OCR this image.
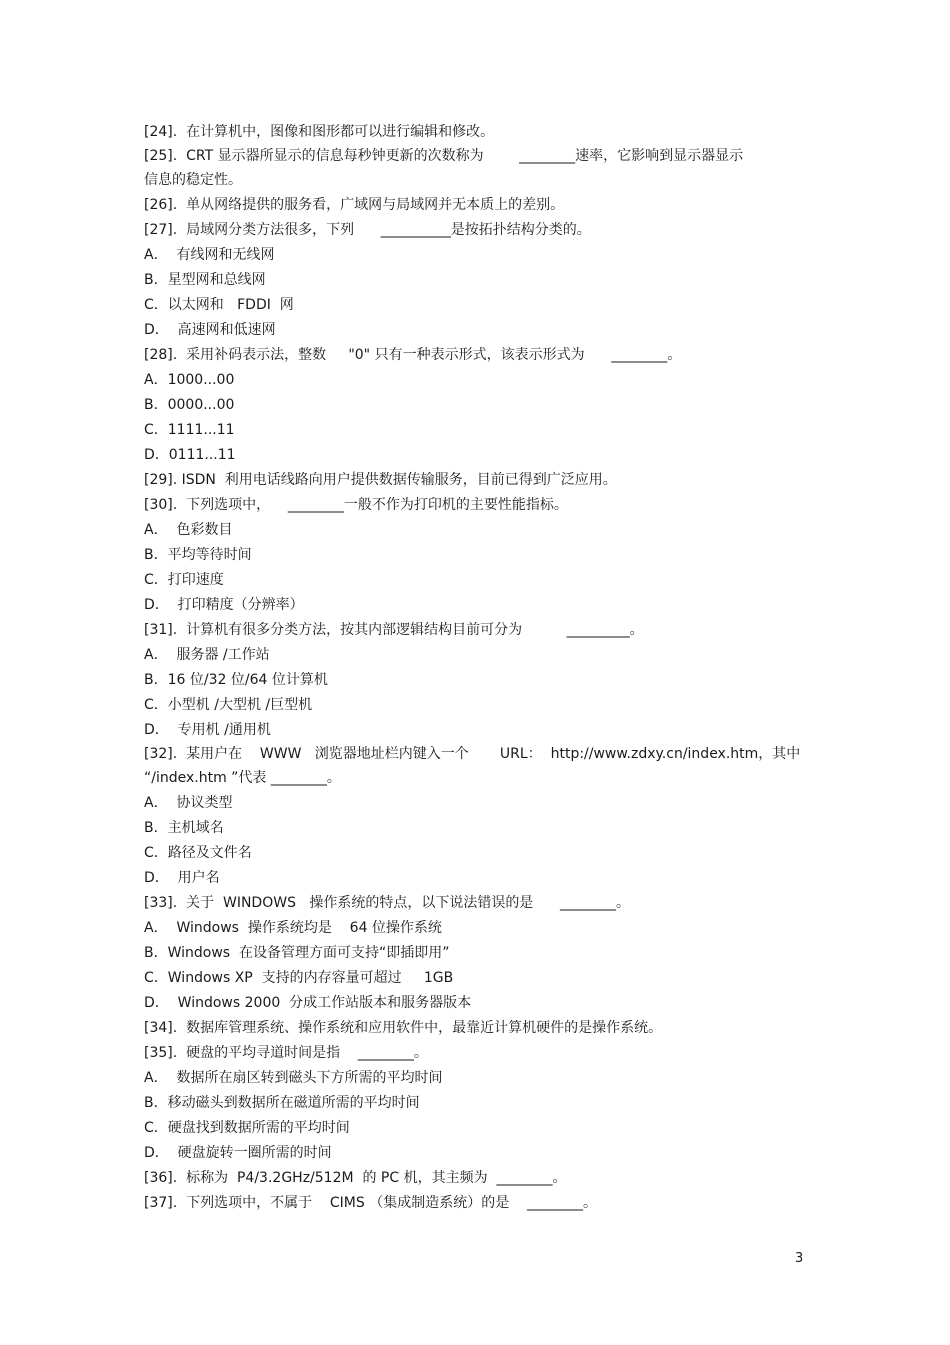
[24].  在计算机中，图像和图形都可以进行编辑和修改。
[25].  CRT 显示器所显示的信息每秒钟更新的次数称为        ________速率，它影响到显示器显示
信息的稳定性。
[26].  单从网络提供的服务看，广域网与局域网并无本质上的差别。
[27].  局域网分类方法很多，下列      __________是按拓扑结构分类的。
A．  有线网和无线网
B．星型网和总线网
C．以太网和   FDDI  网
D．  高速网和低速网
[28].  采用补码表示法，整数     "0" 只有一种表示形式，该表示形式为      ________。
A．1000...00
B．0000...00
C．1111...11
D．0111...11
[29]. ISDN  利用电话线路向用户提供数据传输服务，目前已得到广泛应用。
[30].  下列选项中，    ________一般不作为打印机的主要性能指标。
A．  色彩数目
B．平均等待时间
C．打印速度
D．  打印精度（分辨率）
[31].  计算机有很多分类方法，按其内部逻辑结构目前可分为          _________。
A．  服务器 /工作站
B．16 位/32 位/64 位计算机
C．小型机 /大型机 /巨型机
D．  专用机 /通用机
[32].  某用户在    WWW   浏览器地址栏内键入一个       URL：  http://www.zdxy.cn/index.htm，其中
“/index.htm ”代表 ________。
A．  协议类型
B．主机域名
C．路径及文件名
D．  用户名
[33].  关于  WINDOWS   操作系统的特点，以下说法错误的是      ________。
A．  Windows  操作系统均是    64 位操作系统
B．Windows  在设备管理方面可支持“即插即用”
C．Windows XP  支持的内存容量可超过     1GB
D．  Windows 2000  分成工作站版本和服务器版本
[34].  数据库管理系统、操作系统和应用软件中，最靠近计算机硬件的是操作系统。
[35].  硬盘的平均寻道时间是指    ________。
A．  数据所在扇区转到磁头下方所需的平均时间
B．移动磁头到数据所在磁道所需的平均时间
C．硬盘找到数据所需的平均时间
D．  硬盘旋转一圈所需的时间
[36].  标称为  P4/3.2GHz/512M  的 PC 机，其主频为  ________。
[37].  下列选项中，不属于    CIMS （集成制造系统）的是    ________。
3
